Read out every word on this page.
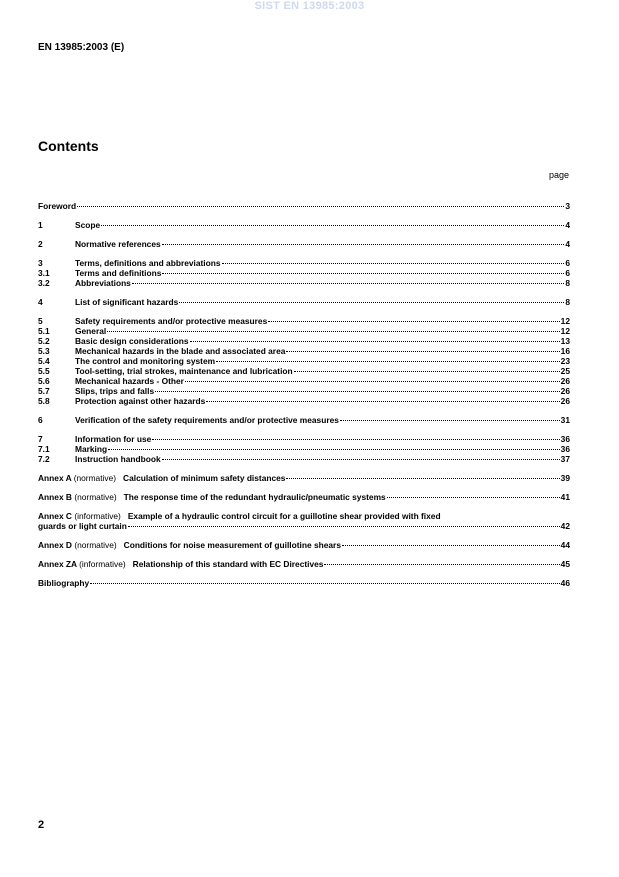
SIST EN 13985:2003
EN 13985:2003 (E)
Contents
page
Foreword	3
1	Scope	4
2	Normative references	4
3	Terms, definitions and abbreviations	6
3.1	Terms and definitions	6
3.2	Abbreviations	8
4	List of significant hazards	8
5	Safety requirements and/or protective measures	12
5.1	General	12
5.2	Basic design considerations	13
5.3	Mechanical hazards in the blade and associated area	16
5.4	The control and monitoring system	23
5.5	Tool-setting, trial strokes, maintenance and lubrication	25
5.6	Mechanical hazards - Other	26
5.7	Slips, trips and falls	26
5.8	Protection against other hazards	26
6	Verification of the safety requirements and/or protective measures	31
7	Information for use	36
7.1	Marking	36
7.2	Instruction handbook	37
Annex A (normative) Calculation of minimum safety distances	39
Annex B (normative) The response time of the redundant hydraulic/pneumatic systems	41
Annex C (informative) Example of a hydraulic control circuit for a guillotine shear provided with fixed
guards or light curtain	42
Annex D (normative) Conditions for noise measurement of guillotine shears	44
Annex ZA (informative) Relationship of this standard with EC Directives	45
Bibliography	46
2
